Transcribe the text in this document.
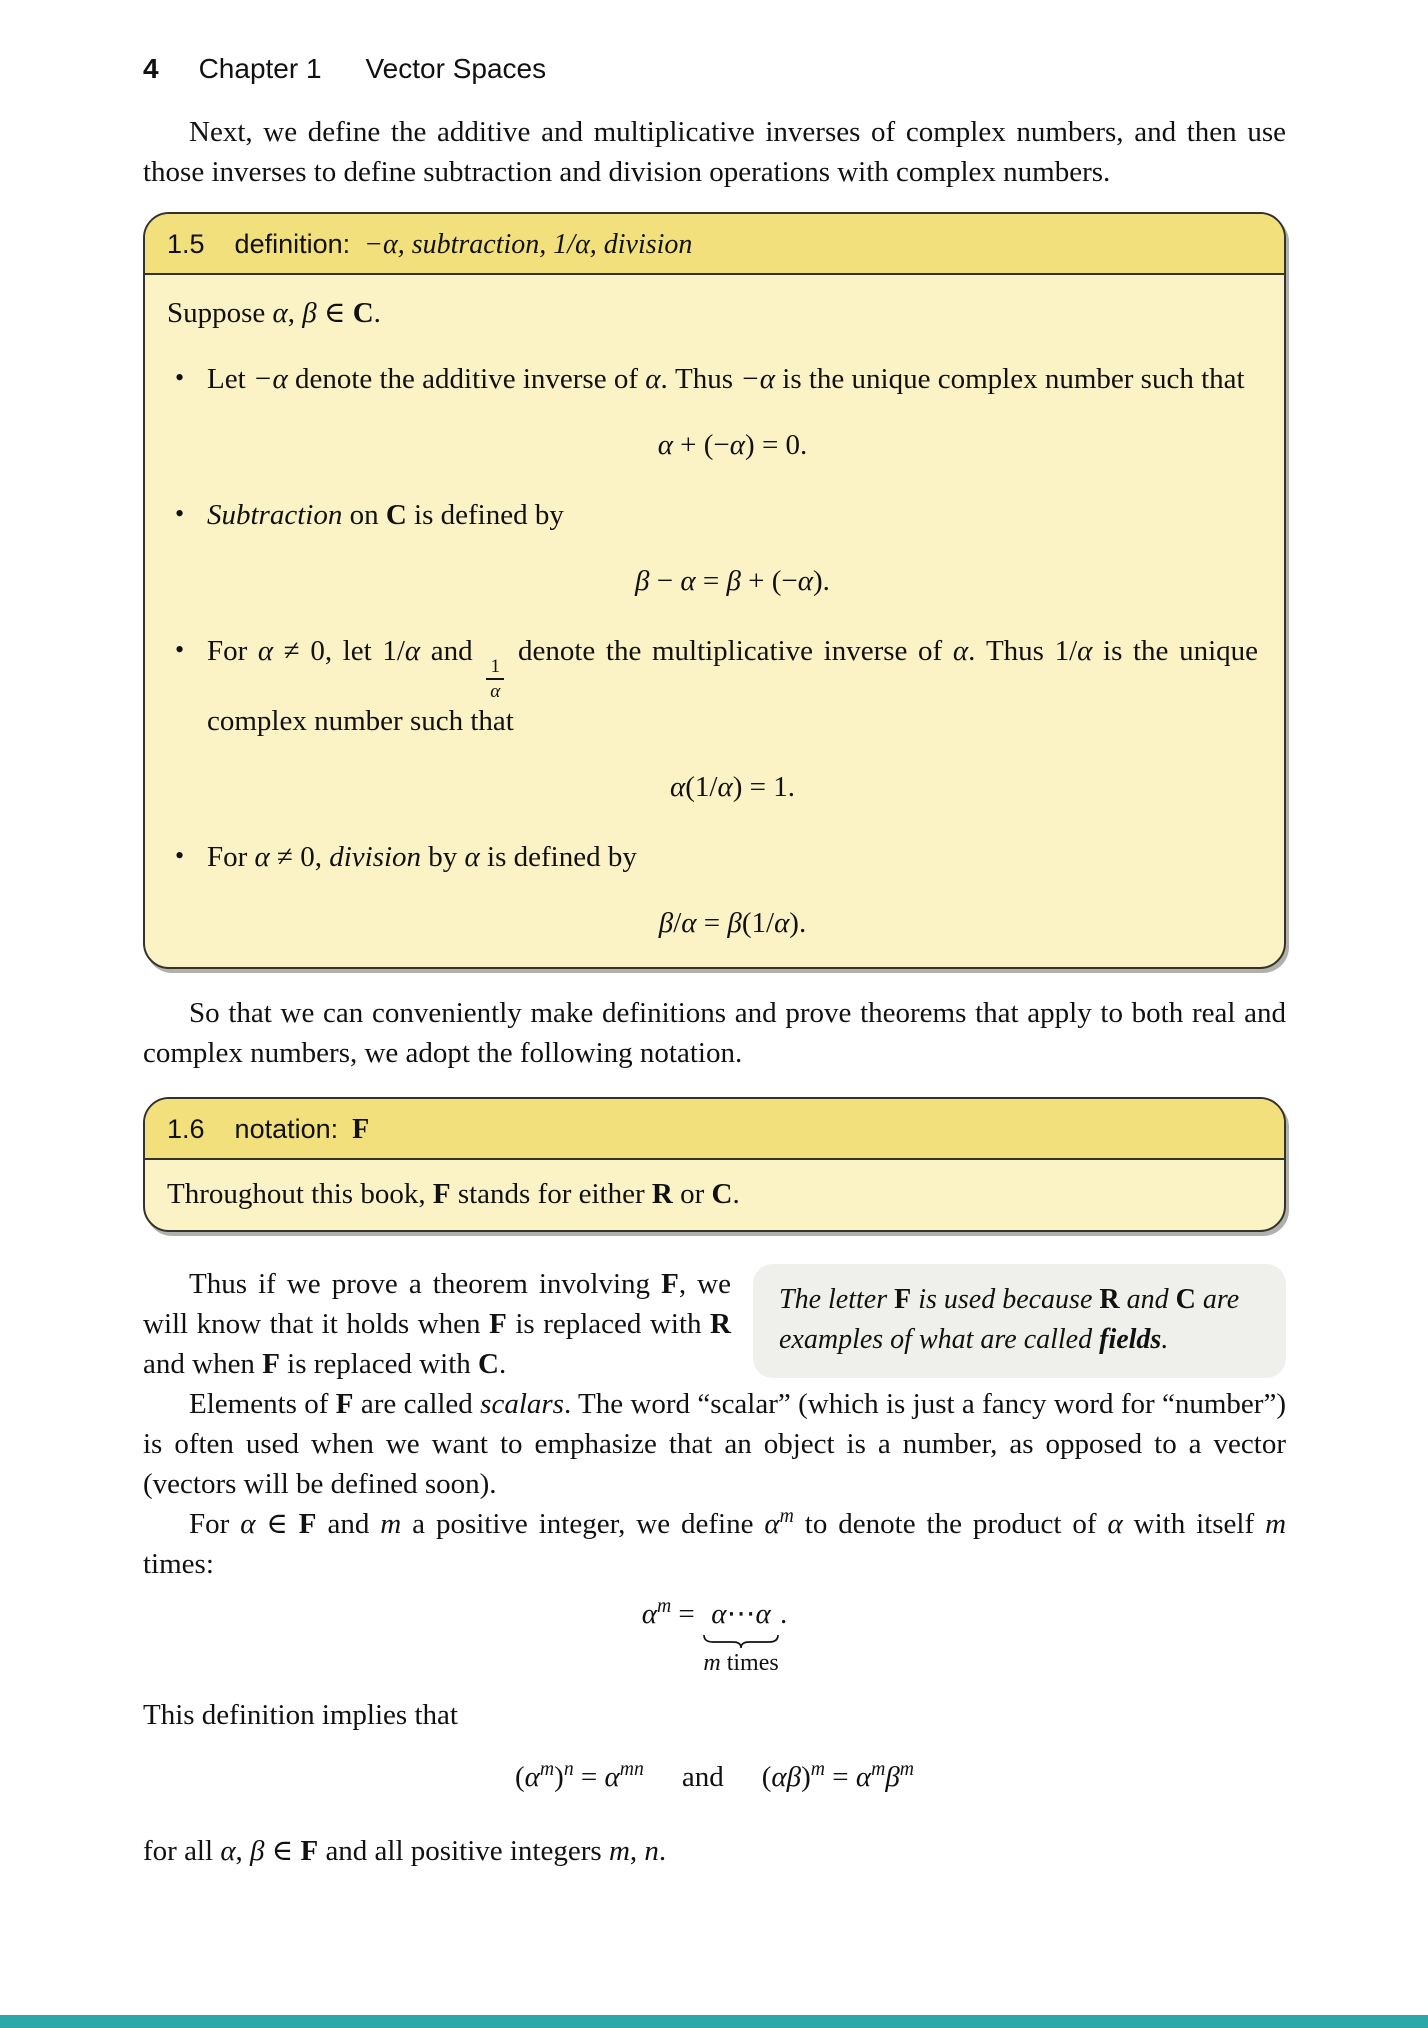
4 Chapter 1 Vector Spaces

Next, we define the additive and multiplicative inverses of complex numbers, and then use those inverses to define subtraction and division operations with complex numbers.

1.5 definition: −α, subtraction, 1/α, division

Suppose α, β ∈ C.

• Let −α denote the additive inverse of α. Thus −α is the unique complex number such that
α + (−α) = 0.
• Subtraction on C is defined by
β − α = β + (−α).
• For α ≠ 0, let 1/α and
$\frac{1}{\alpha}$
denote the multiplicative inverse of α. Thus 1/α is the unique complex number such that
α(1/α) = 1.
• For α ≠ 0, division by α is defined by
β/α = β(1/α).

So that we can conveniently make definitions and prove theorems that apply to both real and complex numbers, we adopt the following notation.

1.6 notation: F
Throughout this book, F stands for either R or C.

Thus if we prove a theorem involving F, we will know that it holds when F is replaced with R and when F is replaced with C.

The letter F is used because R and C are examples of what are called fields.

Elements of F are called scalars. The word “scalar” (which is just a fancy word for “number”) is often used when we want to emphasize that an object is a number, as opposed to a vector (vectors will be defined soon).

For α ∈ F and m a positive integer, we define $\alpha^m$ to denote the product of α with itself m times:

$\alpha^m$ = α⋯α
m times
.

This definition implies that

$(\alpha^m)^n = \alpha^{mn}$ and $(\alpha\beta)^m = \alpha^m\beta^m$

for all α, β ∈ F and all positive integers m, n.
